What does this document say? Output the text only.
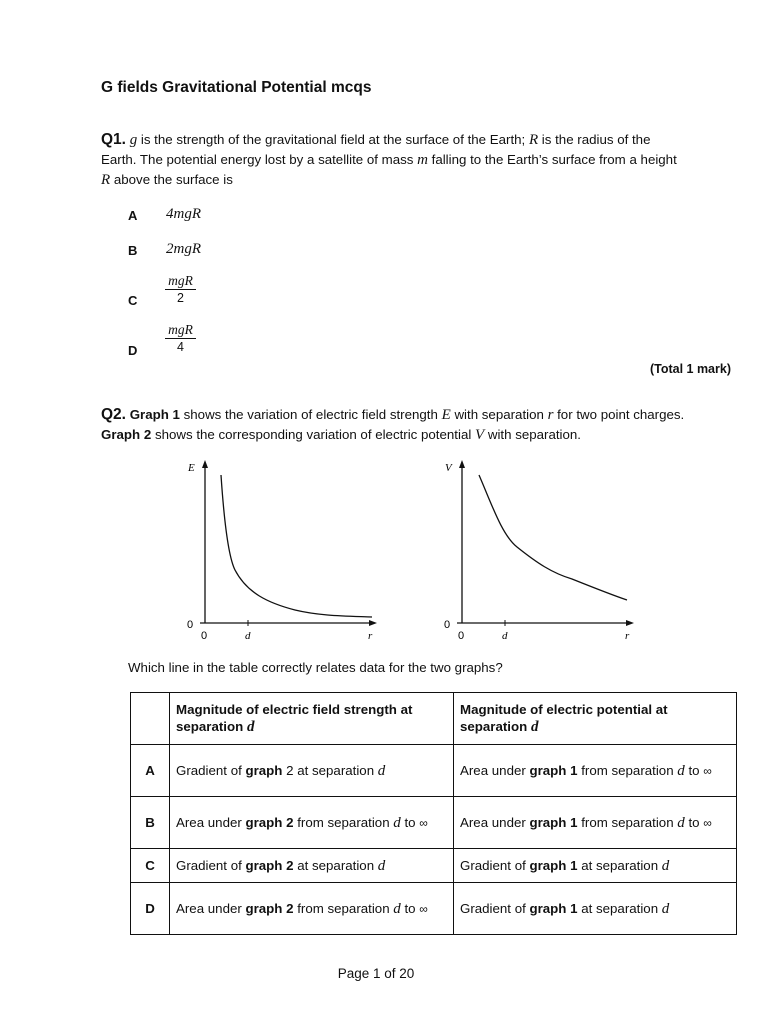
G fields Gravitational Potential mcqs
Q1. g is the strength of the gravitational field at the surface of the Earth; R is the radius of the
Earth. The potential energy lost by a satellite of mass m falling to the Earth’s surface from a height
R above the surface is
A 4mgR
B 2mgR
C
mgR
2
D
mgR
4
(Total 1 mark)
Q2. Graph 1 shows the variation of electric field strength E with separation r for two point charges.
Graph 2 shows the corresponding variation of electric potential V with separation.
E
0
0	d	r
V
0
0	d	r
Which line in the table correctly relates data for the two graphs?
	Magnitude of electric field strength at separation d	Magnitude of electric potential at separation d
A	Gradient of graph 2 at separation d	Area under graph 1 from separation d to ∞
B	Area under graph 2 from separation d to ∞	Area under graph 1 from separation d to ∞
C	Gradient of graph 2 at separation d	Gradient of graph 1 at separation d
D	Area under graph 2 from separation d to ∞	Gradient of graph 1 at separation d
Page 1 of 20
